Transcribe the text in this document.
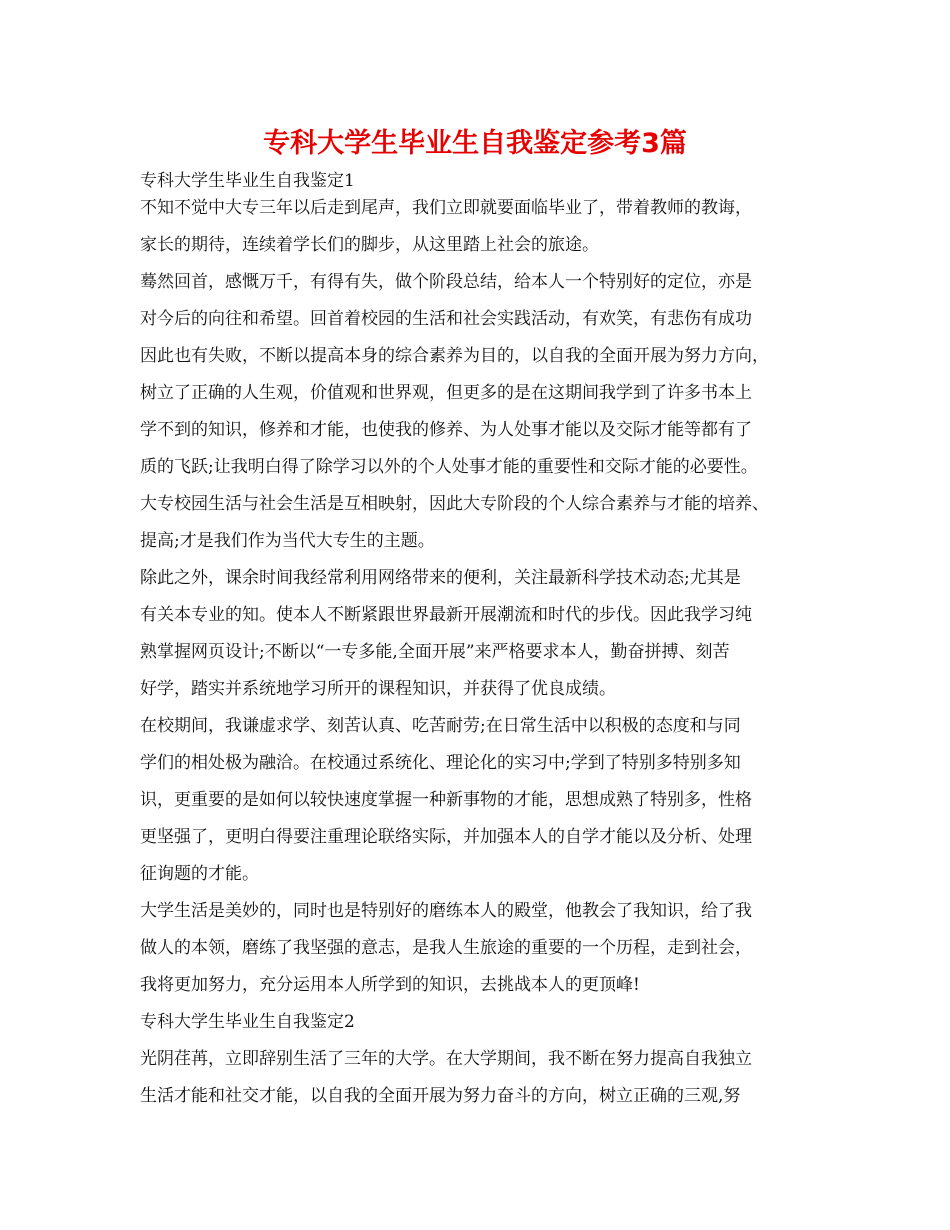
专科大学生毕业生自我鉴定参考3篇
专科大学生毕业生自我鉴定1
不知不觉中大专三年以后走到尾声，我们立即就要面临毕业了，带着教师的教诲，
家长的期待，连续着学长们的脚步，从这里踏上社会的旅途。
蓦然回首，感慨万千，有得有失，做个阶段总结，给本人一个特别好的定位，亦是
对今后的向往和希望。回首着校园的生活和社会实践活动，有欢笑，有悲伤有成功
因此也有失败，不断以提高本身的综合素养为目的，以自我的全面开展为努力方向，
树立了正确的人生观，价值观和世界观，但更多的是在这期间我学到了许多书本上
学不到的知识，修养和才能，也使我的修养、为人处事才能以及交际才能等都有了
质的飞跃;让我明白得了除学习以外的个人处事才能的重要性和交际才能的必要性。
大专校园生活与社会生活是互相映射，因此大专阶段的个人综合素养与才能的培养、
提高;才是我们作为当代大专生的主题。
除此之外，课余时间我经常利用网络带来的便利，关注最新科学技术动态;尤其是
有关本专业的知。使本人不断紧跟世界最新开展潮流和时代的步伐。因此我学习纯
熟掌握网页设计;不断以“一专多能,全面开展”来严格要求本人，勤奋拼搏、刻苦
好学，踏实并系统地学习所开的课程知识，并获得了优良成绩。
在校期间，我谦虚求学、刻苦认真、吃苦耐劳;在日常生活中以积极的态度和与同
学们的相处极为融洽。在校通过系统化、理论化的实习中;学到了特别多特别多知
识，更重要的是如何以较快速度掌握一种新事物的才能，思想成熟了特别多，性格
更坚强了，更明白得要注重理论联络实际，并加强本人的自学才能以及分析、处理
征询题的才能。
大学生活是美妙的，同时也是特别好的磨练本人的殿堂，他教会了我知识，给了我
做人的本领，磨练了我坚强的意志，是我人生旅途的重要的一个历程，走到社会，
我将更加努力，充分运用本人所学到的知识，去挑战本人的更顶峰!
专科大学生毕业生自我鉴定2
光阴荏苒，立即辞别生活了三年的大学。在大学期间，我不断在努力提高自我独立
生活才能和社交才能，以自我的全面开展为努力奋斗的方向，树立正确的三观,努
